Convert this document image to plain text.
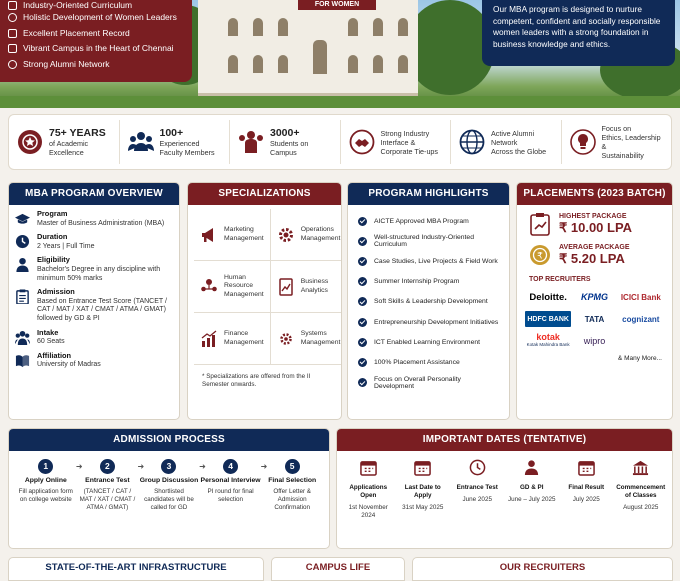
FOR WOMEN
Industry-Oriented Curriculum
Holistic Development of Women Leaders
Excellent Placement Record
Vibrant Campus in the Heart of Chennai
Strong Alumni Network
Our MBA program is designed to nurture competent, confident and socially responsible women leaders with a strong foundation in business knowledge and ethics.
75+ YEARS
of Academic
Excellence
100+
Experienced
Faculty Members
3000+
Students on
Campus
Strong Industry
Interface &
Corporate Tie-ups
Active Alumni
Network
Across the Globe
Focus on
Ethics, Leadership &
Sustainability
MBA PROGRAM OVERVIEW
Program
Master of Business Administration (MBA)
Duration
2 Years | Full Time
Eligibility
Bachelor's Degree in any discipline with minimum 50% marks
Admission
Based on Entrance Test Score (TANCET / CAT / MAT / XAT / CMAT / ATMA / GMAT) followed by GD & PI
Intake
60 Seats
Affiliation
University of Madras
SPECIALIZATIONS
Marketing
Management
Operations
Management
Human Resource
Management
Business
Analytics
Finance
Management
Systems
Management
* Specializations are offered from the II Semester onwards.
PROGRAM HIGHLIGHTS
AICTE Approved MBA Program
Well-structured Industry-Oriented Curriculum
Case Studies, Live Projects & Field Work
Summer Internship Program
Soft Skills & Leadership Development
Entrepreneurship Development Initiatives
ICT Enabled Learning Environment
100% Placement Assistance
Focus on Overall Personality Development
PLACEMENTS (2023 BATCH)
HIGHEST PACKAGE
₹ 10.00 LPA
₹
AVERAGE PACKAGE
₹ 5.20 LPA
TOP RECRUITERS
Deloitte.	KPMG	ICICI Bank
HDFC BANK	TATA	cognizant
kotak
Kotak Mahindra Bank	wipro
& Many More...
ADMISSION PROCESS
1
Apply Online
Fill application form on college website
➜	2
Entrance Test
(TANCET / CAT / MAT / XAT / CMAT / ATMA / GMAT)
➜	3
Group Discussion
Shortlisted candidates will be called for GD
➜	4
Personal Interview
PI round for final selection
➜	5
Final Selection
Offer Letter & Admission Confirmation
IMPORTANT DATES (TENTATIVE)
Applications Open
1st November 2024
Last Date to Apply
31st May 2025
Entrance Test
June 2025
GD & PI
June – July 2025
Final Result
July 2025
Commencement of Classes
August 2025
STATE-OF-THE-ART INFRASTRUCTURE	CAMPUS LIFE	OUR RECRUITERS
